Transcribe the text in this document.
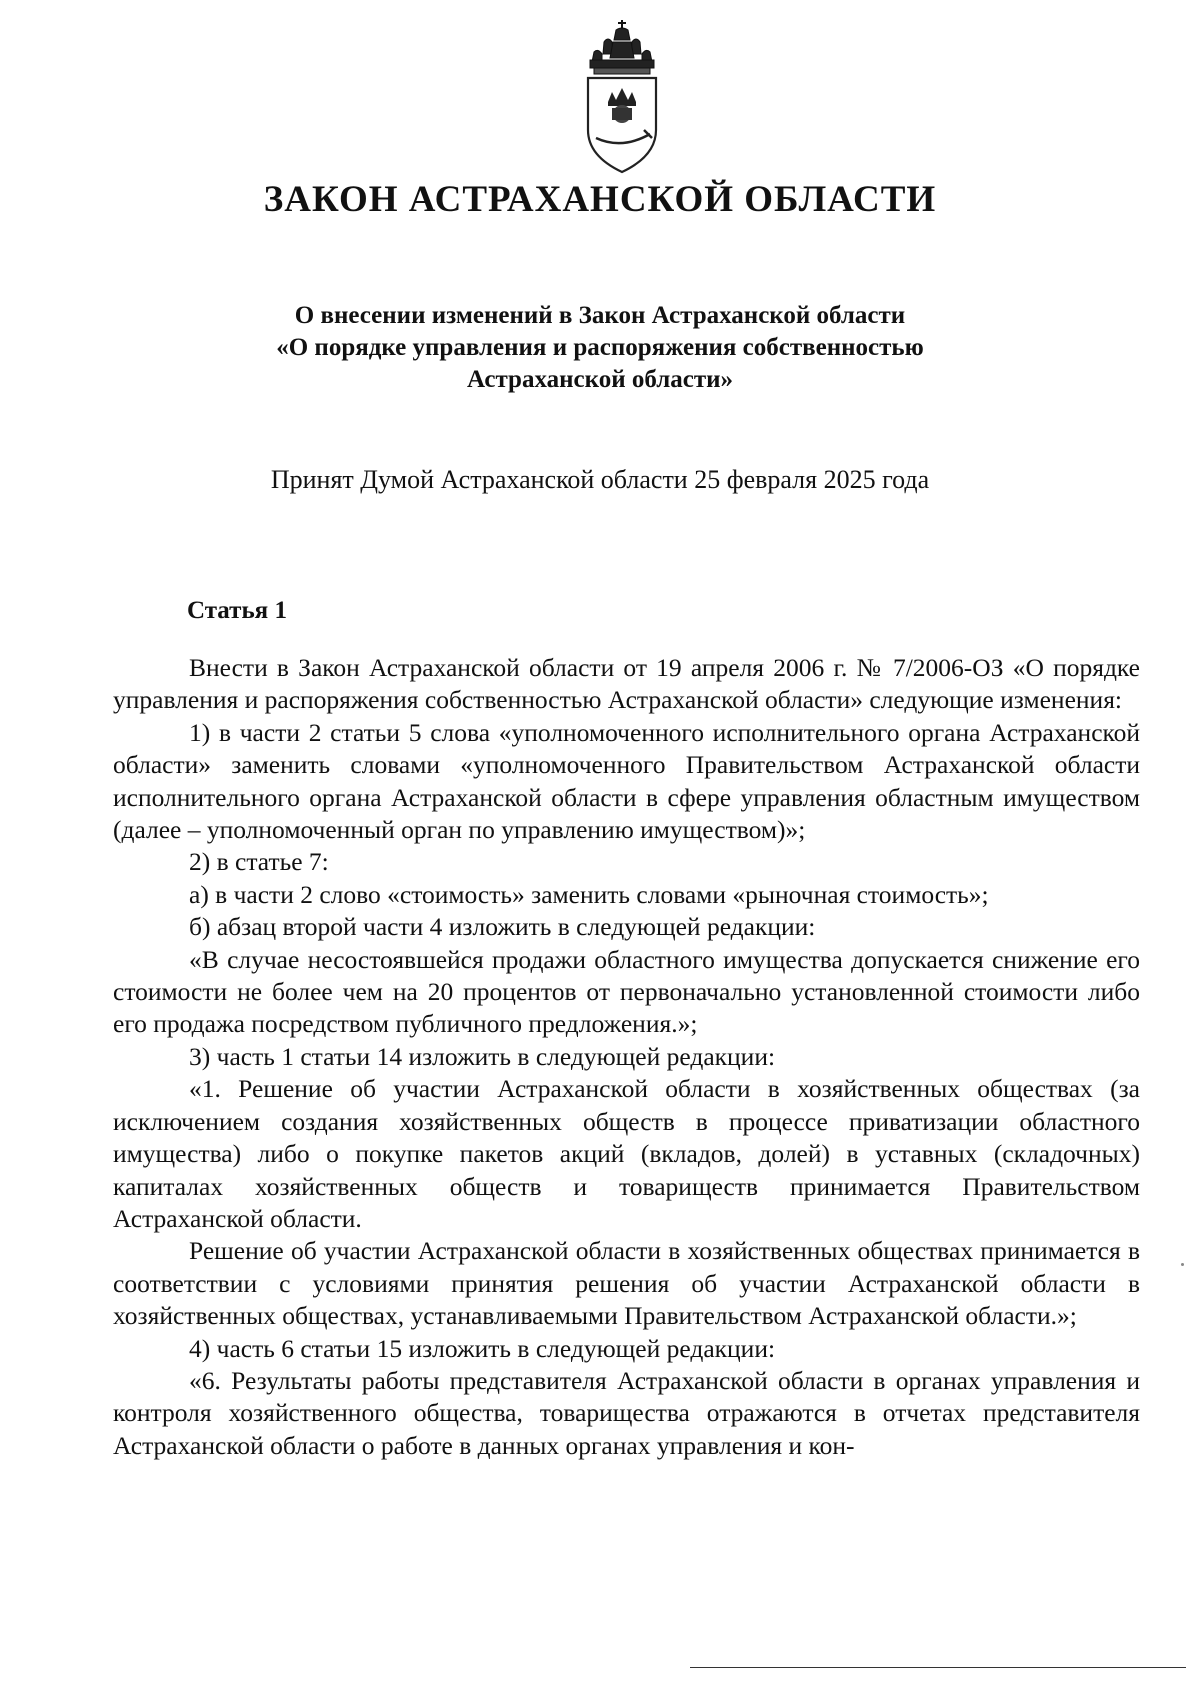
ЗАКОН АСТРАХАНСКОЙ ОБЛАСТИ
О внесении изменений в Закон Астраханской области
«О порядке управления и распоряжения собственностью
Астраханской области»
Принят Думой Астраханской области 25 февраля 2025 года
Статья 1

Внести в Закон Астраханской области от 19 апреля 2006 г. № 7/2006-ОЗ «О порядке управления и распоряжения собственностью Астраханской области» следующие изменения:

1) в части 2 статьи 5 слова «уполномоченного исполнительного органа Астраханской области» заменить словами «уполномоченного Правительством Астраханской области исполнительного органа Астраханской области в сфере управления областным имуществом (далее – уполномоченный орган по управлению имуществом)»;

2) в статье 7:

а) в части 2 слово «стоимость» заменить словами «рыночная стоимость»;

б) абзац второй части 4 изложить в следующей редакции:

«В случае несостоявшейся продажи областного имущества допускается снижение его стоимости не более чем на 20 процентов от первоначально установленной стоимости либо его продажа посредством публичного предложения.»;

3) часть 1 статьи 14 изложить в следующей редакции:

«1. Решение об участии Астраханской области в хозяйственных обществах (за исключением создания хозяйственных обществ в процессе приватизации областного имущества) либо о покупке пакетов акций (вкладов, долей) в уставных (складочных) капиталах хозяйственных обществ и товариществ принимается Правительством Астраханской области.

Решение об участии Астраханской области в хозяйственных обществах принимается в соответствии с условиями принятия решения об участии Астраханской области в хозяйственных обществах, устанавливаемыми Правительством Астраханской области.»;

4) часть 6 статьи 15 изложить в следующей редакции:

«6. Результаты работы представителя Астраханской области в органах управления и контроля хозяйственного общества, товарищества отражаются в отчетах представителя Астраханской области о работе в данных органах управления и кон-
